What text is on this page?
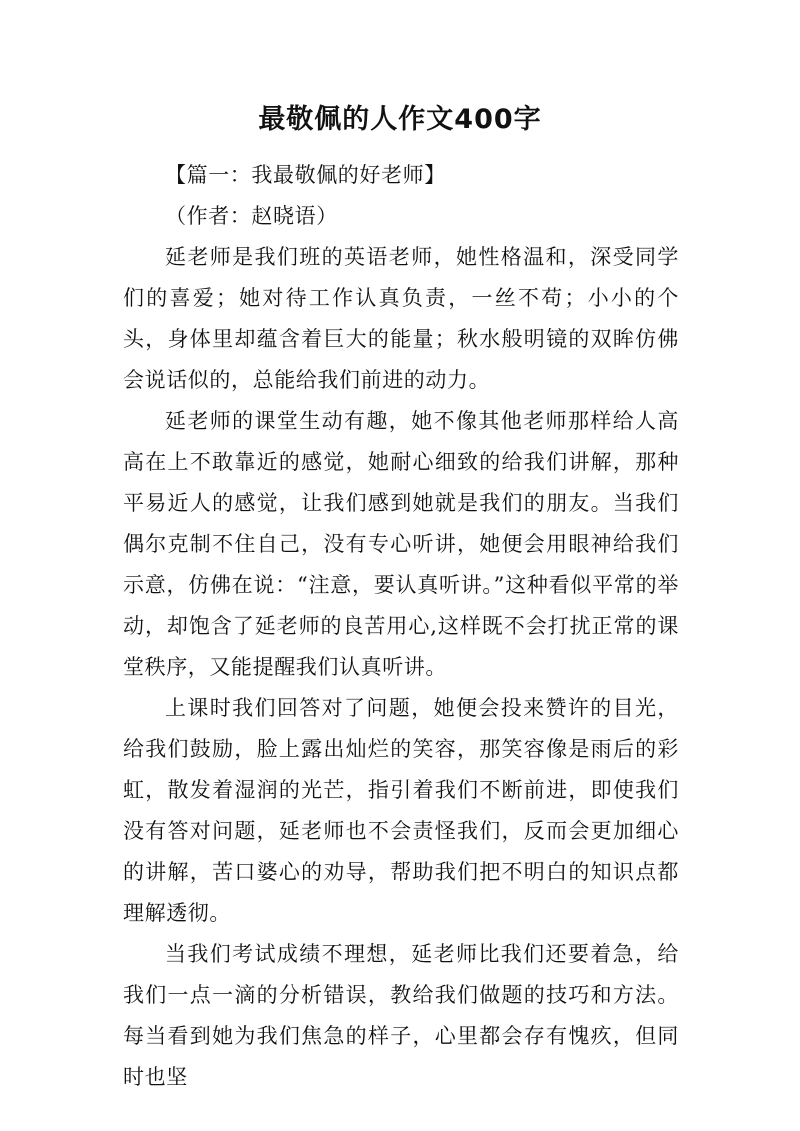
最敬佩的人作文400字

【篇一：我最敬佩的好老师】

（作者：赵晓语）

延老师是我们班的英语老师，她性格温和，深受同学们的喜爱；她对待工作认真负责，一丝不苟；小小的个头，身体里却蕴含着巨大的能量；秋水般明镜的双眸仿佛会说话似的，总能给我们前进的动力。

延老师的课堂生动有趣，她不像其他老师那样给人高高在上不敢靠近的感觉，她耐心细致的给我们讲解，那种平易近人的感觉，让我们感到她就是我们的朋友。当我们偶尔克制不住自己，没有专心听讲，她便会用眼神给我们示意，仿佛在说：“注意，要认真听讲。”这种看似平常的举动，却饱含了延老师的良苦用心,这样既不会打扰正常的课堂秩序，又能提醒我们认真听讲。

上课时我们回答对了问题，她便会投来赞许的目光，给我们鼓励，脸上露出灿烂的笑容，那笑容像是雨后的彩虹，散发着湿润的光芒，指引着我们不断前进，即使我们没有答对问题，延老师也不会责怪我们，反而会更加细心的讲解，苦口婆心的劝导，帮助我们把不明白的知识点都理解透彻。

当我们考试成绩不理想，延老师比我们还要着急，给我们一点一滴的分析错误，教给我们做题的技巧和方法。每当看到她为我们焦急的样子，心里都会存有愧疚，但同时也坚
